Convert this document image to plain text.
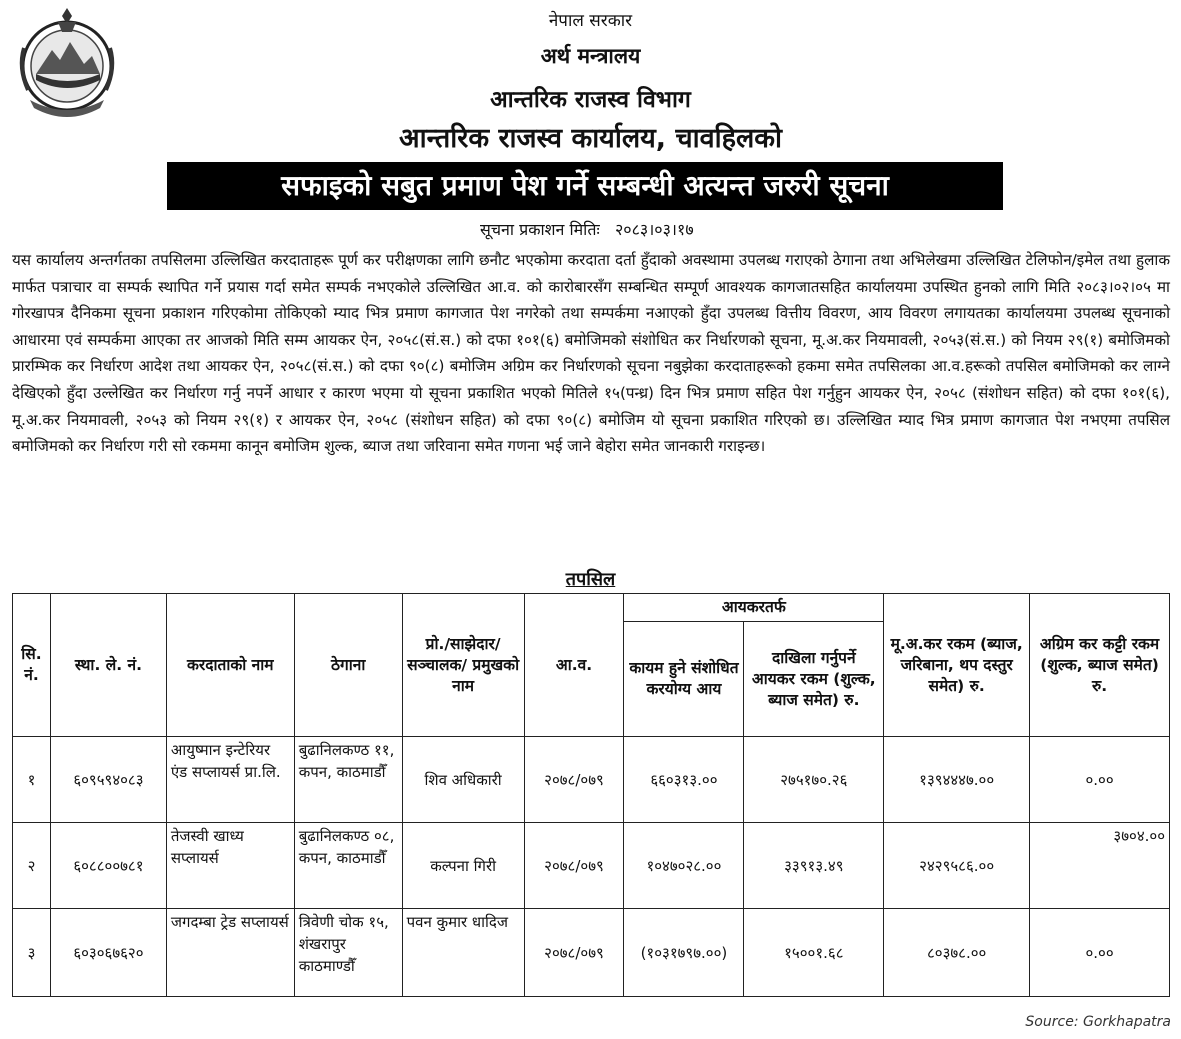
नेपाल सरकार
अर्थ मन्त्रालय
आन्तरिक राजस्व विभाग
आन्तरिक राजस्व कार्यालय, चावहिलको
सफाइको सबुत प्रमाण पेश गर्ने सम्बन्धी अत्यन्त जरुरी सूचना
सूचना प्रकाशन मितिः २०८३।०३।१७
यस कार्यालय अन्तर्गतका तपसिलमा उल्लिखित करदाताहरू पूर्ण कर परीक्षणका लागि छनौट भएकोमा करदाता दर्ता हुँदाको अवस्थामा उपलब्ध गराएको ठेगाना तथा अभिलेखमा उल्लिखित टेलिफोन/इमेल तथा हुलाक मार्फत पत्राचार वा सम्पर्क स्थापित गर्ने प्रयास गर्दा समेत सम्पर्क नभएकोले उल्लिखित आ.व. को कारोबारसँग सम्बन्धित सम्पूर्ण आवश्यक कागजातसहित कार्यालयमा उपस्थित हुनको लागि मिति २०८३।०२।०५ मा गोरखापत्र दैनिकमा सूचना प्रकाशन गरिएकोमा तोकिएको म्याद भित्र प्रमाण कागजात पेश नगरेको तथा सम्पर्कमा नआएको हुँदा उपलब्ध वित्तीय विवरण, आय विवरण लगायतका कार्यालयमा उपलब्ध सूचनाको आधारमा एवं सम्पर्कमा आएका तर आजको मिति सम्म आयकर ऐन, २०५८(सं.स.) को दफा १०१(६) बमोजिमको संशोधित कर निर्धारणको सूचना, मू.अ.कर नियमावली, २०५३(सं.स.) को नियम २९(१) बमोजिमको प्रारम्भिक कर निर्धारण आदेश तथा आयकर ऐन, २०५८(सं.स.) को दफा ९०(८) बमोजिम अग्रिम कर निर्धारणको सूचना नबुझेका करदाताहरूको हकमा समेत तपसिलका आ.व.हरूको तपसिल बमोजिमको कर लाग्ने देखिएको हुँदा उल्लेखित कर निर्धारण गर्नु नपर्ने आधार र कारण भएमा यो सूचना प्रकाशित भएको मितिले १५(पन्ध्र) दिन भित्र प्रमाण सहित पेश गर्नुहुन आयकर ऐन, २०५८ (संशोधन सहित) को दफा १०१(६), मू.अ.कर नियमावली, २०५३ को नियम २९(१) र आयकर ऐन, २०५८ (संशोधन सहित) को दफा ९०(८) बमोजिम यो सूचना प्रकाशित गरिएको छ। उल्लिखित म्याद भित्र प्रमाण कागजात पेश नभएमा तपसिल बमोजिमको कर निर्धारण गरी सो रकममा कानून बमोजिम शुल्क, ब्याज तथा जरिवाना समेत गणना भई जाने बेहोरा समेत जानकारी गराइन्छ।
तपसिल
सि. नं.	स्था. ले. नं.	करदाताको नाम	ठेगाना	प्रो./साझेदार/ सञ्चालक/ प्रमुखको नाम	आ.व.	आयकरतर्फ		मू.अ.कर रकम (ब्याज, जरिबाना, थप दस्तुर समेत) रु.	अग्रिम कर कट्टी रकम (शुल्क, ब्याज समेत) रु.
						कायम हुने संशोधित करयोग्य आय	दाखिला गर्नुपर्ने आयकर रकम (शुल्क, ब्याज समेत) रु.		
१	६०९५९४०८३	आयुष्मान इन्टेरियर एंड सप्लायर्स प्रा.लि.	बुढानिलकण्ठ ११, कपन, काठमाडौँ	शिव अधिकारी	२०७८/०७९	६६०३१३.००	२७५१७०.२६	१३९४४४७.००	०.००
२	६०८८००७८१	तेजस्वी खाध्य सप्लायर्स	बुढानिलकण्ठ ०८, कपन, काठमाडौँ	कल्पना गिरी	२०७८/०७९	१०४७०२८.००	३३९१३.४९	२४२९५८६.००	३७०४.००
३	६०३०६७६२०	जगदम्बा ट्रेड सप्लायर्स	त्रिवेणी चोक १५, शंखरापुर काठमाण्डौँ	पवन कुमार धादिज	२०७८/०७९	(१०३१७९७.००)	१५००१.६८	८०३७८.००	०.००
Source: Gorkhapatra
